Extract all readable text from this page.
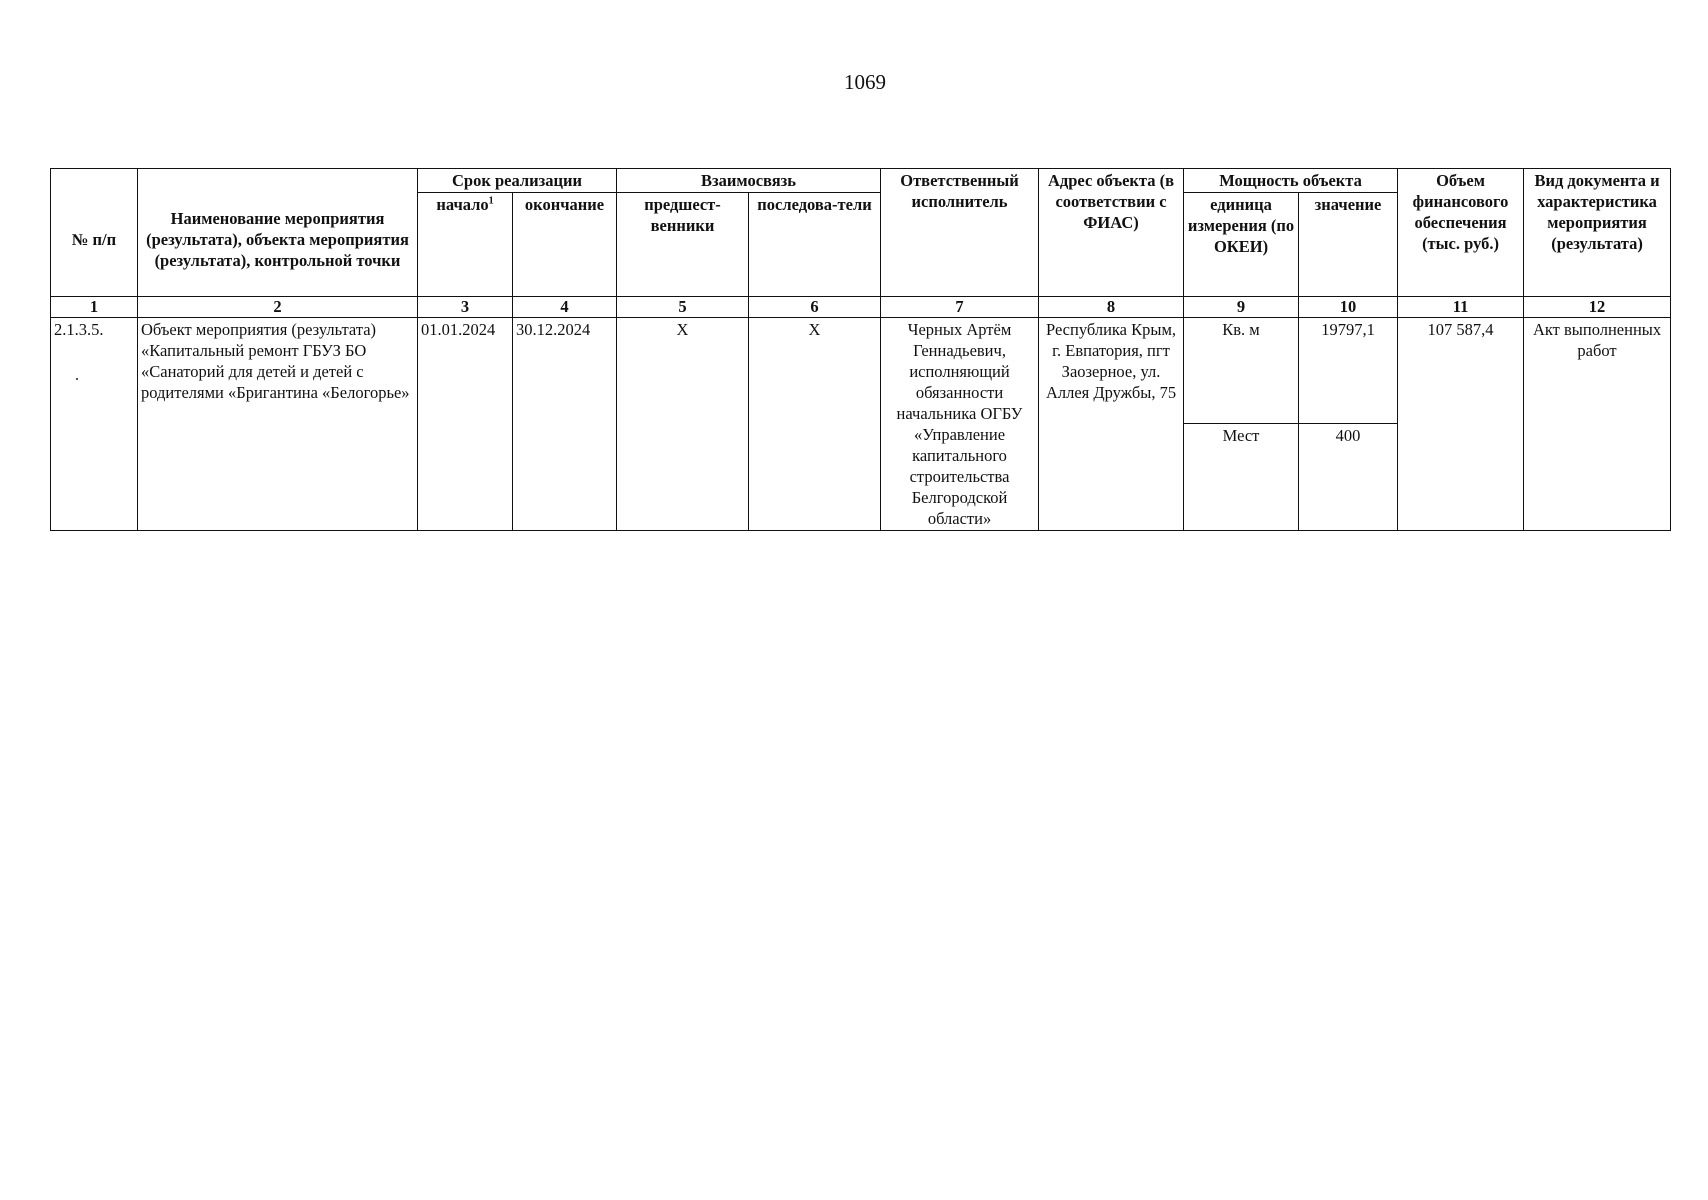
1069
№ п/п	Наименование мероприятия (результата), объекта мероприятия (результата), контрольной точки	Срок реализации		Взаимосвязь		Ответственный исполнитель	Адрес объекта (в соответствии с ФИАС)	Мощность объекта		Объем финансового обеспечения (тыс. руб.)	Вид документа и характеристика мероприятия (результата)
		начало$^1$	окончание	предшест-венники	последова-тели			единица измерения (по ОКЕИ)	значение		
1	2	3	4	5	6	7	8	9	10	11	12
2.1.3.5.	Объект мероприятия (результата) «Капитальный ремонт ГБУЗ БО «Санаторий для детей и детей с родителями «Бригантина «Белогорье»	01.01.2024	30.12.2024	Х	Х	Черных Артём Геннадьевич, исполняющий обязанности начальника ОГБУ «Управление капитального строительства Белгородской области»	Республика Крым, г. Евпатория, пгт Заозерное, ул. Аллея Дружбы, 75	Кв. м	19797,1	107 587,4	Акт выполненных работ
								Мест	400		
